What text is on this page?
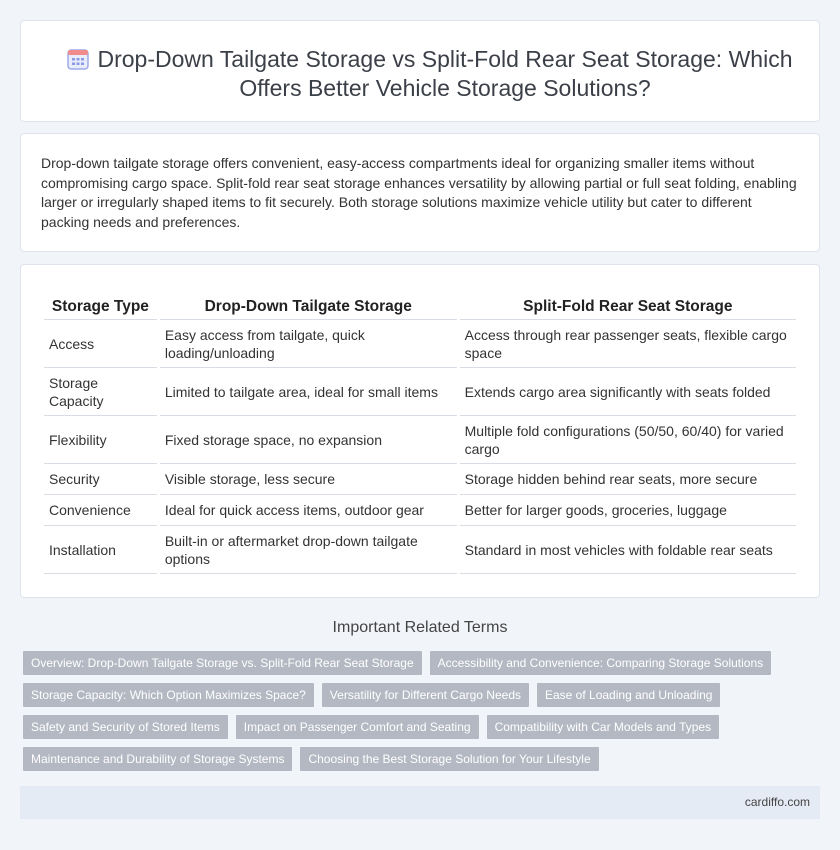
Drop-Down Tailgate Storage vs Split-Fold Rear Seat Storage: Which Offers Better Vehicle Storage Solutions?

Drop-down tailgate storage offers convenient, easy-access compartments ideal for organizing smaller items without compromising cargo space. Split-fold rear seat storage enhances versatility by allowing partial or full seat folding, enabling larger or irregularly shaped items to fit securely. Both storage solutions maximize vehicle utility but cater to different packing needs and preferences.

Storage Type	Drop-Down Tailgate Storage	Split-Fold Rear Seat Storage
Access	Easy access from tailgate, quick loading/unloading	Access through rear passenger seats, flexible cargo space
Storage Capacity	Limited to tailgate area, ideal for small items	Extends cargo area significantly with seats folded
Flexibility	Fixed storage space, no expansion	Multiple fold configurations (50/50, 60/40) for varied cargo
Security	Visible storage, less secure	Storage hidden behind rear seats, more secure
Convenience	Ideal for quick access items, outdoor gear	Better for larger goods, groceries, luggage
Installation	Built-in or aftermarket drop-down tailgate options	Standard in most vehicles with foldable rear seats
Important Related Terms
Overview: Drop-Down Tailgate Storage vs. Split-Fold Rear Seat Storage	Accessibility and Convenience: Comparing Storage Solutions
Storage Capacity: Which Option Maximizes Space?	Versatility for Different Cargo Needs	Ease of Loading and Unloading
Safety and Security of Stored Items	Impact on Passenger Comfort and Seating	Compatibility with Car Models and Types
Maintenance and Durability of Storage Systems	Choosing the Best Storage Solution for Your Lifestyle
cardiffo.com
